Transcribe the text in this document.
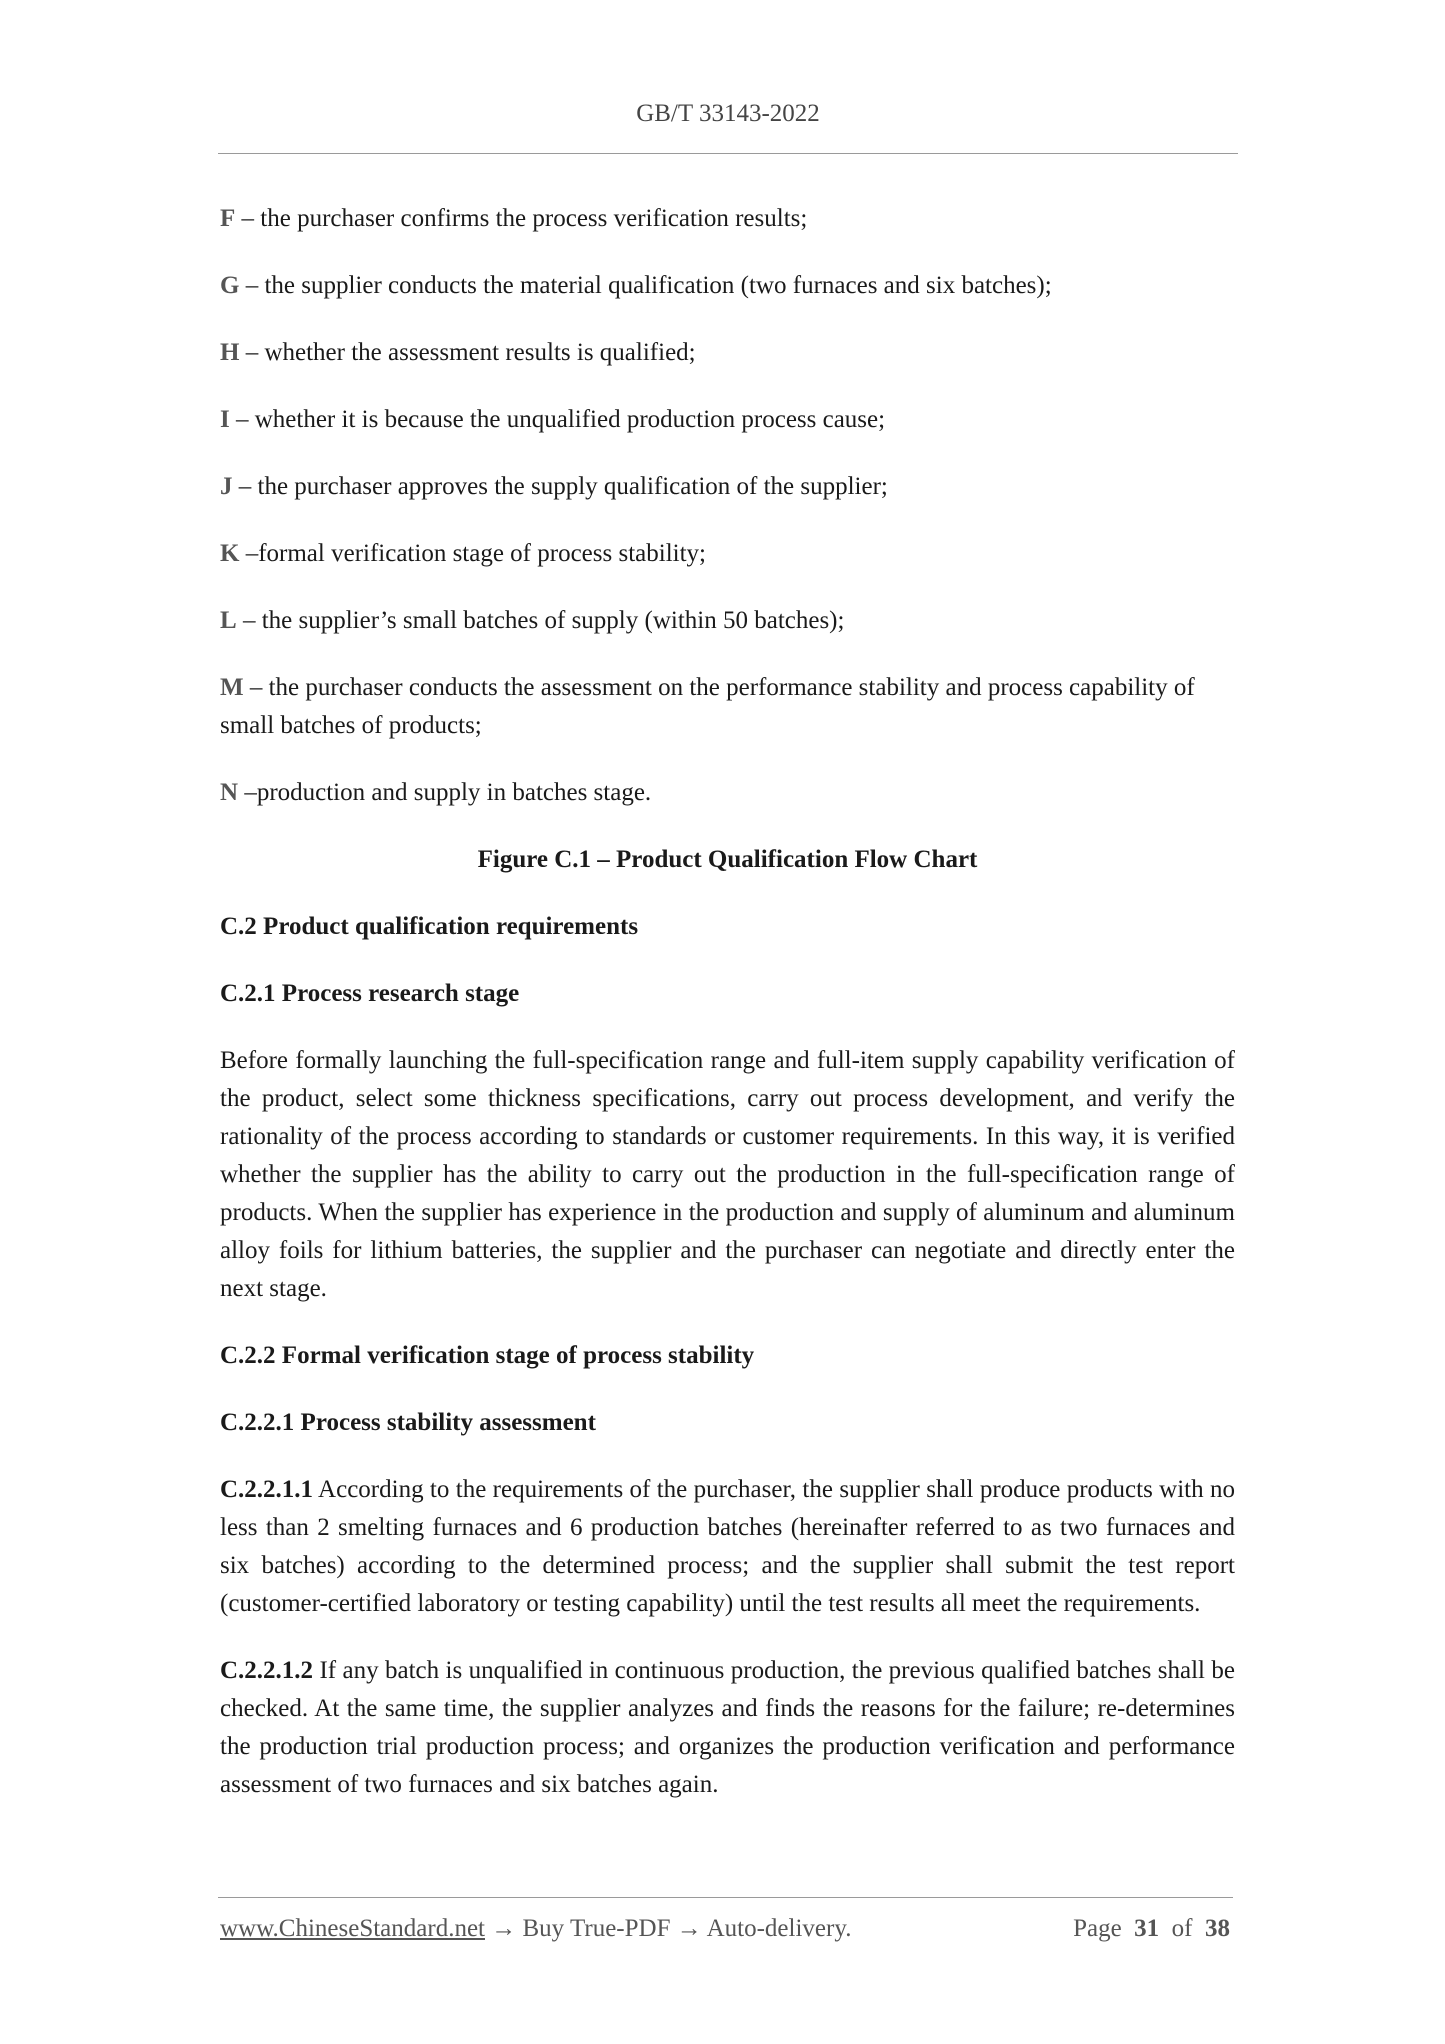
GB/T 33143-2022

F – the purchaser confirms the process verification results;

G – the supplier conducts the material qualification (two furnaces and six batches);

H – whether the assessment results is qualified;

I – whether it is because the unqualified production process cause;

J – the purchaser approves the supply qualification of the supplier;

K –formal verification stage of process stability;

L – the supplier’s small batches of supply (within 50 batches);

M – the purchaser conducts the assessment on the performance stability and process capability of small batches of products;

N –production and supply in batches stage.

Figure C.1 – Product Qualification Flow Chart

C.2 Product qualification requirements

C.2.1 Process research stage

Before formally launching the full-specification range and full-item supply capability verification of the product, select some thickness specifications, carry out process development, and verify the rationality of the process according to standards or customer requirements. In this way, it is verified whether the supplier has the ability to carry out the production in the full-specification range of products. When the supplier has experience in the production and supply of aluminum and aluminum alloy foils for lithium batteries, the supplier and the purchaser can negotiate and directly enter the next stage.

C.2.2 Formal verification stage of process stability

C.2.2.1 Process stability assessment

C.2.2.1.1 According to the requirements of the purchaser, the supplier shall produce products with no less than 2 smelting furnaces and 6 production batches (hereinafter referred to as two furnaces and six batches) according to the determined process; and the supplier shall submit the test report (customer-certified laboratory or testing capability) until the test results all meet the requirements.

C.2.2.1.2 If any batch is unqualified in continuous production, the previous qualified batches shall be checked. At the same time, the supplier analyzes and finds the reasons for the failure; re-determines the production trial production process; and organizes the production verification and performance assessment of two furnaces and six batches again.

www.ChineseStandard.net → Buy True-PDF → Auto-delivery.	Page 31 of 38
